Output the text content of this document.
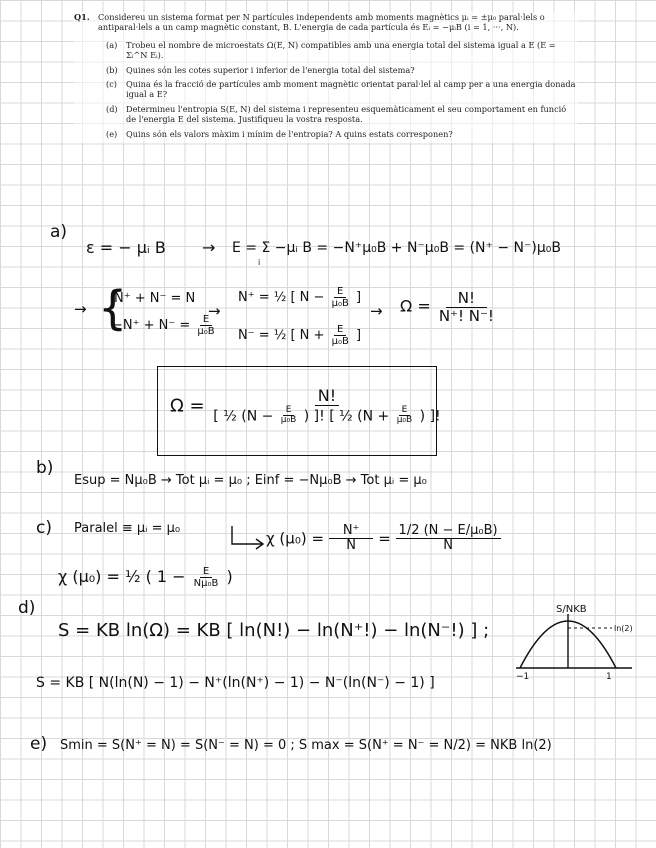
Q1.	Considereu un sistema format per N partícules independents amb moments magnètics μᵢ = ±μ₀ paral·lels o antiparal·lels a un camp magnètic constant, B. L'energia de cada partícula és Eᵢ = −μᵢB (i = 1, ···, N).
(a)	Trobeu el nombre de microestats Ω(E, N) compatibles amb una energia total del sistema igual a E (E = Σᵢ^N Eᵢ).
(b)	Quines són les cotes superior i inferior de l'energia total del sistema?
(c)	Quina és la fracció de partícules amb moment magnètic orientat paral·lel al camp per a una energia donada igual a E?
(d)	Determineu l'entropia S(E, N) del sistema i representeu esquemàticament el seu comportament en funció de l'energia E del sistema. Justifiqueu la vostra resposta.
(e)	Quins són els valors màxim i mínim de l'entropia? A quins estats corresponen?
a)
ε = − μᵢ B → E = Σ −μᵢ B = −N⁺μ₀B + N⁻μ₀B = (N⁺ − N⁻)μ₀B
i
→ {
N⁺ + N⁻ = N
$-N^+ + N^- = \frac{E}{\text{μ₀B}}$
→
N⁺ = ½ [ $N - \frac{E}{\text{μ₀B}}$ ]
N⁻ = ½ [ $N + \frac{E}{\text{μ₀B}}$ ]
→ $\Omega = \frac{N!}{N^+! N^-!}$
Ω =
N!
[ ½ ($N - \frac{E}{\text{μ₀B}}$ ) ]! [ ½ ($N + \frac{E}{\text{μ₀B}}$ ) ]!
b)
Esup = Nμ₀B → Tot μᵢ = μ₀ ; Einf = −Nμ₀B → Tot μᵢ = μ₀
c) Paralel ≡ μᵢ = μ₀
χ $(\mu_0) = \frac{N^+}{N} = \frac{\text{1/2 (N − E/μ₀B)}}{N}$
χ (μ₀) = ½ ( $1 - \frac{E}{\text{Nμ₀B}}$ )
d)
S = KB ln(Ω) = KB [ ln(N!) − ln(N⁺!) − ln(N⁻!) ] ;
S = KB [ N(ln(N) − 1) − N⁺(ln(N⁺) − 1) − N⁻(ln(N⁻) − 1) ]
S/NKB
ln(2)
−1	1
e) Smin = S(N⁺ = N) = S(N⁻ = N) = 0 ; S max = S(N⁺ = N⁻ = N/2) = NKB ln(2)
